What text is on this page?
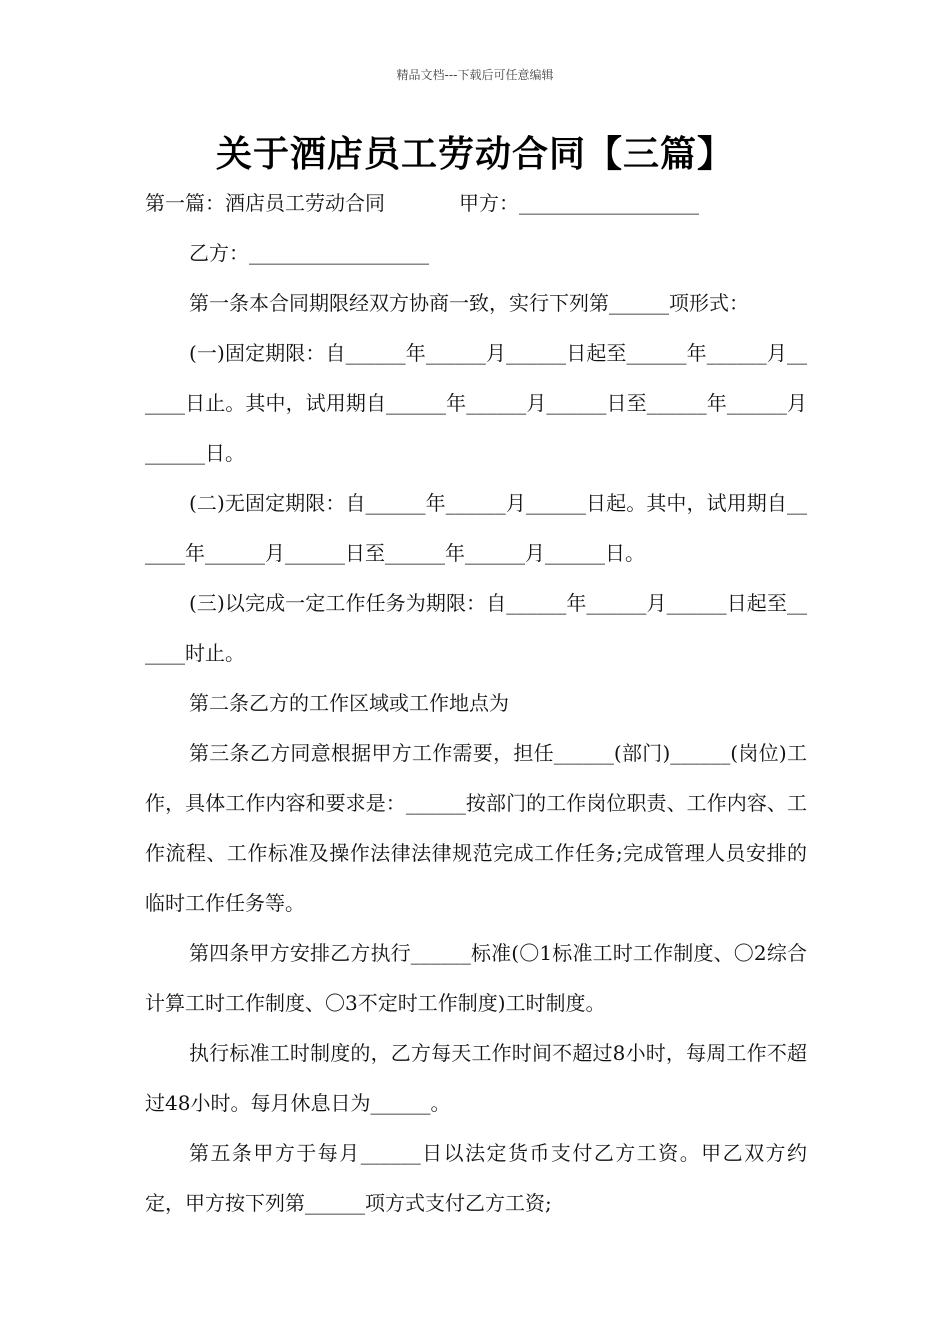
精品文档---下载后可任意编辑
关于酒店员工劳动合同【三篇】
第一篇：酒店员工劳动合同	甲方：__________________

乙方：__________________

第一条本合同期限经双方协商一致，实行下列第______项形式：

(一)固定期限：自______年______月______日起至______年______月______日止。其中，试用期自______年______月______日至______年______月______日。

(二)无固定期限：自______年______月______日起。其中，试用期自______年______月______日至______年______月______日。

(三)以完成一定工作任务为期限：自______年______月______日起至______时止。

第二条乙方的工作区域或工作地点为

第三条乙方同意根据甲方工作需要，担任______(部门)______(岗位)工作，具体工作内容和要求是：______按部门的工作岗位职责、工作内容、工作流程、工作标准及操作法律法律规范完成工作任务;完成管理人员安排的临时工作任务等。

第四条甲方安排乙方执行______标准(〇1标准工时工作制度、〇2综合计算工时工作制度、〇3不定时工作制度)工时制度。

执行标准工时制度的，乙方每天工作时间不超过8小时，每周工作不超过48小时。每月休息日为______。

第五条甲方于每月______日以法定货币支付乙方工资。甲乙双方约定，甲方按下列第______项方式支付乙方工资;
